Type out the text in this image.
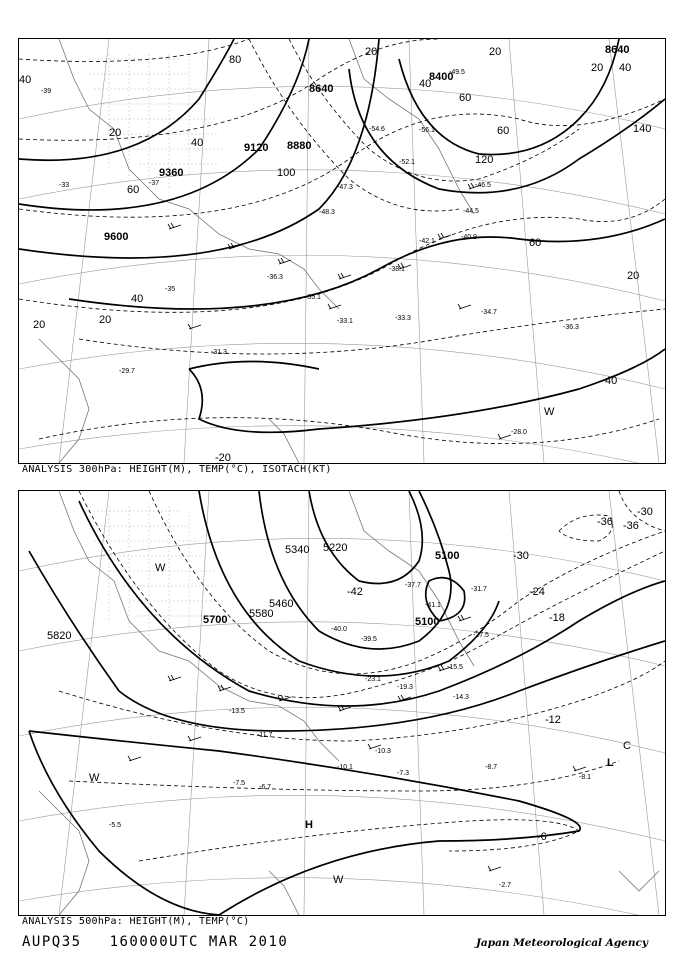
8640
8400
8640
8880
9120
9360
9600
20	20
20
40
40
40
60
60
80
100
120
140
60
40
20
20	20
40
60
40
20
-39
-37
-33
-35
-47.3
-52.1
-54.6	-56.1
-49.5
-48.3
-46.5
-44.5
-42.1
-40.9
-38.1
-36.3
-35.1
-33.3
-33.1
-31.3
-34.7
-36.3
-28.0
-29.7
W
-20
ANALYSIS 300hPa: HEIGHT(M), TEMP(°C), ISOTACH(KT)
5820
5700 5580
5460
5340 5220
5100
5100
-42
-36
-36
-30
-30
-24
-18
-12
-6
-41.1
-37.7
-39.5
-40.0
-31.7
-27.5
-23.1
-19.3
-15.5
-14.3
-13.5
-11.7
-10.3
-8.7
-8.1
-7.3
-6.7
-5.5
-2.7
-10.1
-7.5
W
W
W
H
L
C
ANALYSIS 500hPa: HEIGHT(M), TEMP(°C)
AUPQ35 160000UTC MAR 2010	Japan Meteorological Agency
